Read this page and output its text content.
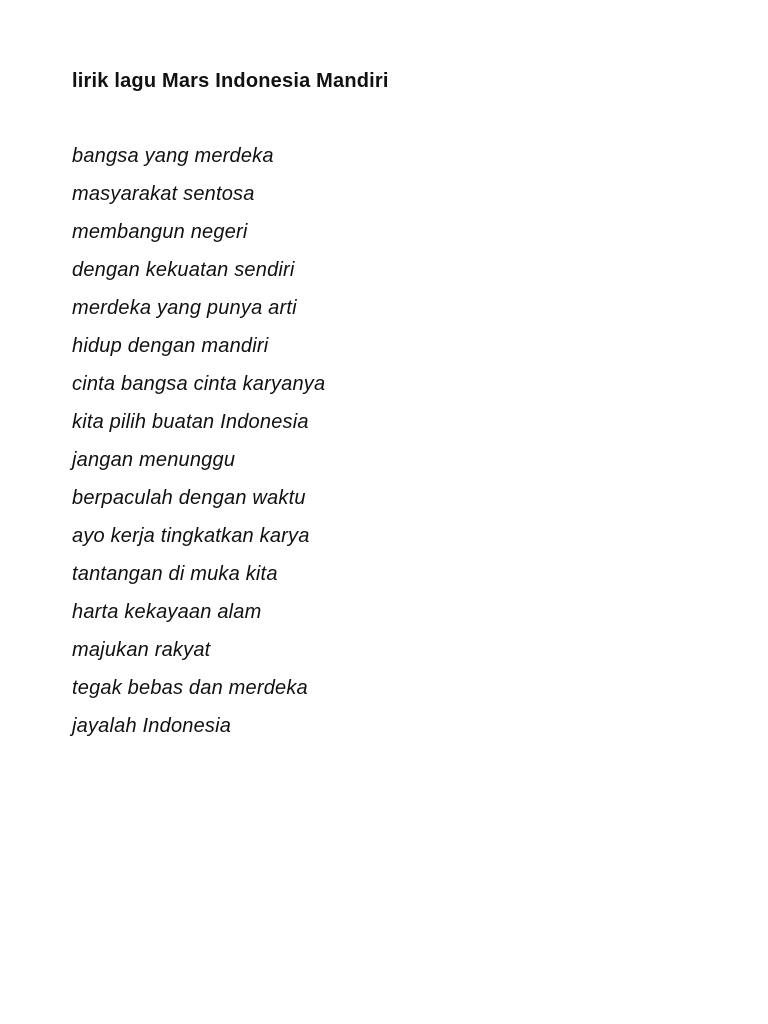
lirik lagu Mars Indonesia Mandiri
bangsa yang merdeka
masyarakat sentosa
membangun negeri
dengan kekuatan sendiri
merdeka yang punya arti
hidup dengan mandiri
cinta bangsa cinta karyanya
kita pilih buatan Indonesia
jangan menunggu
berpaculah dengan waktu
ayo kerja tingkatkan karya
tantangan di muka kita
harta kekayaan alam
majukan rakyat
tegak bebas dan merdeka
jayalah Indonesia
